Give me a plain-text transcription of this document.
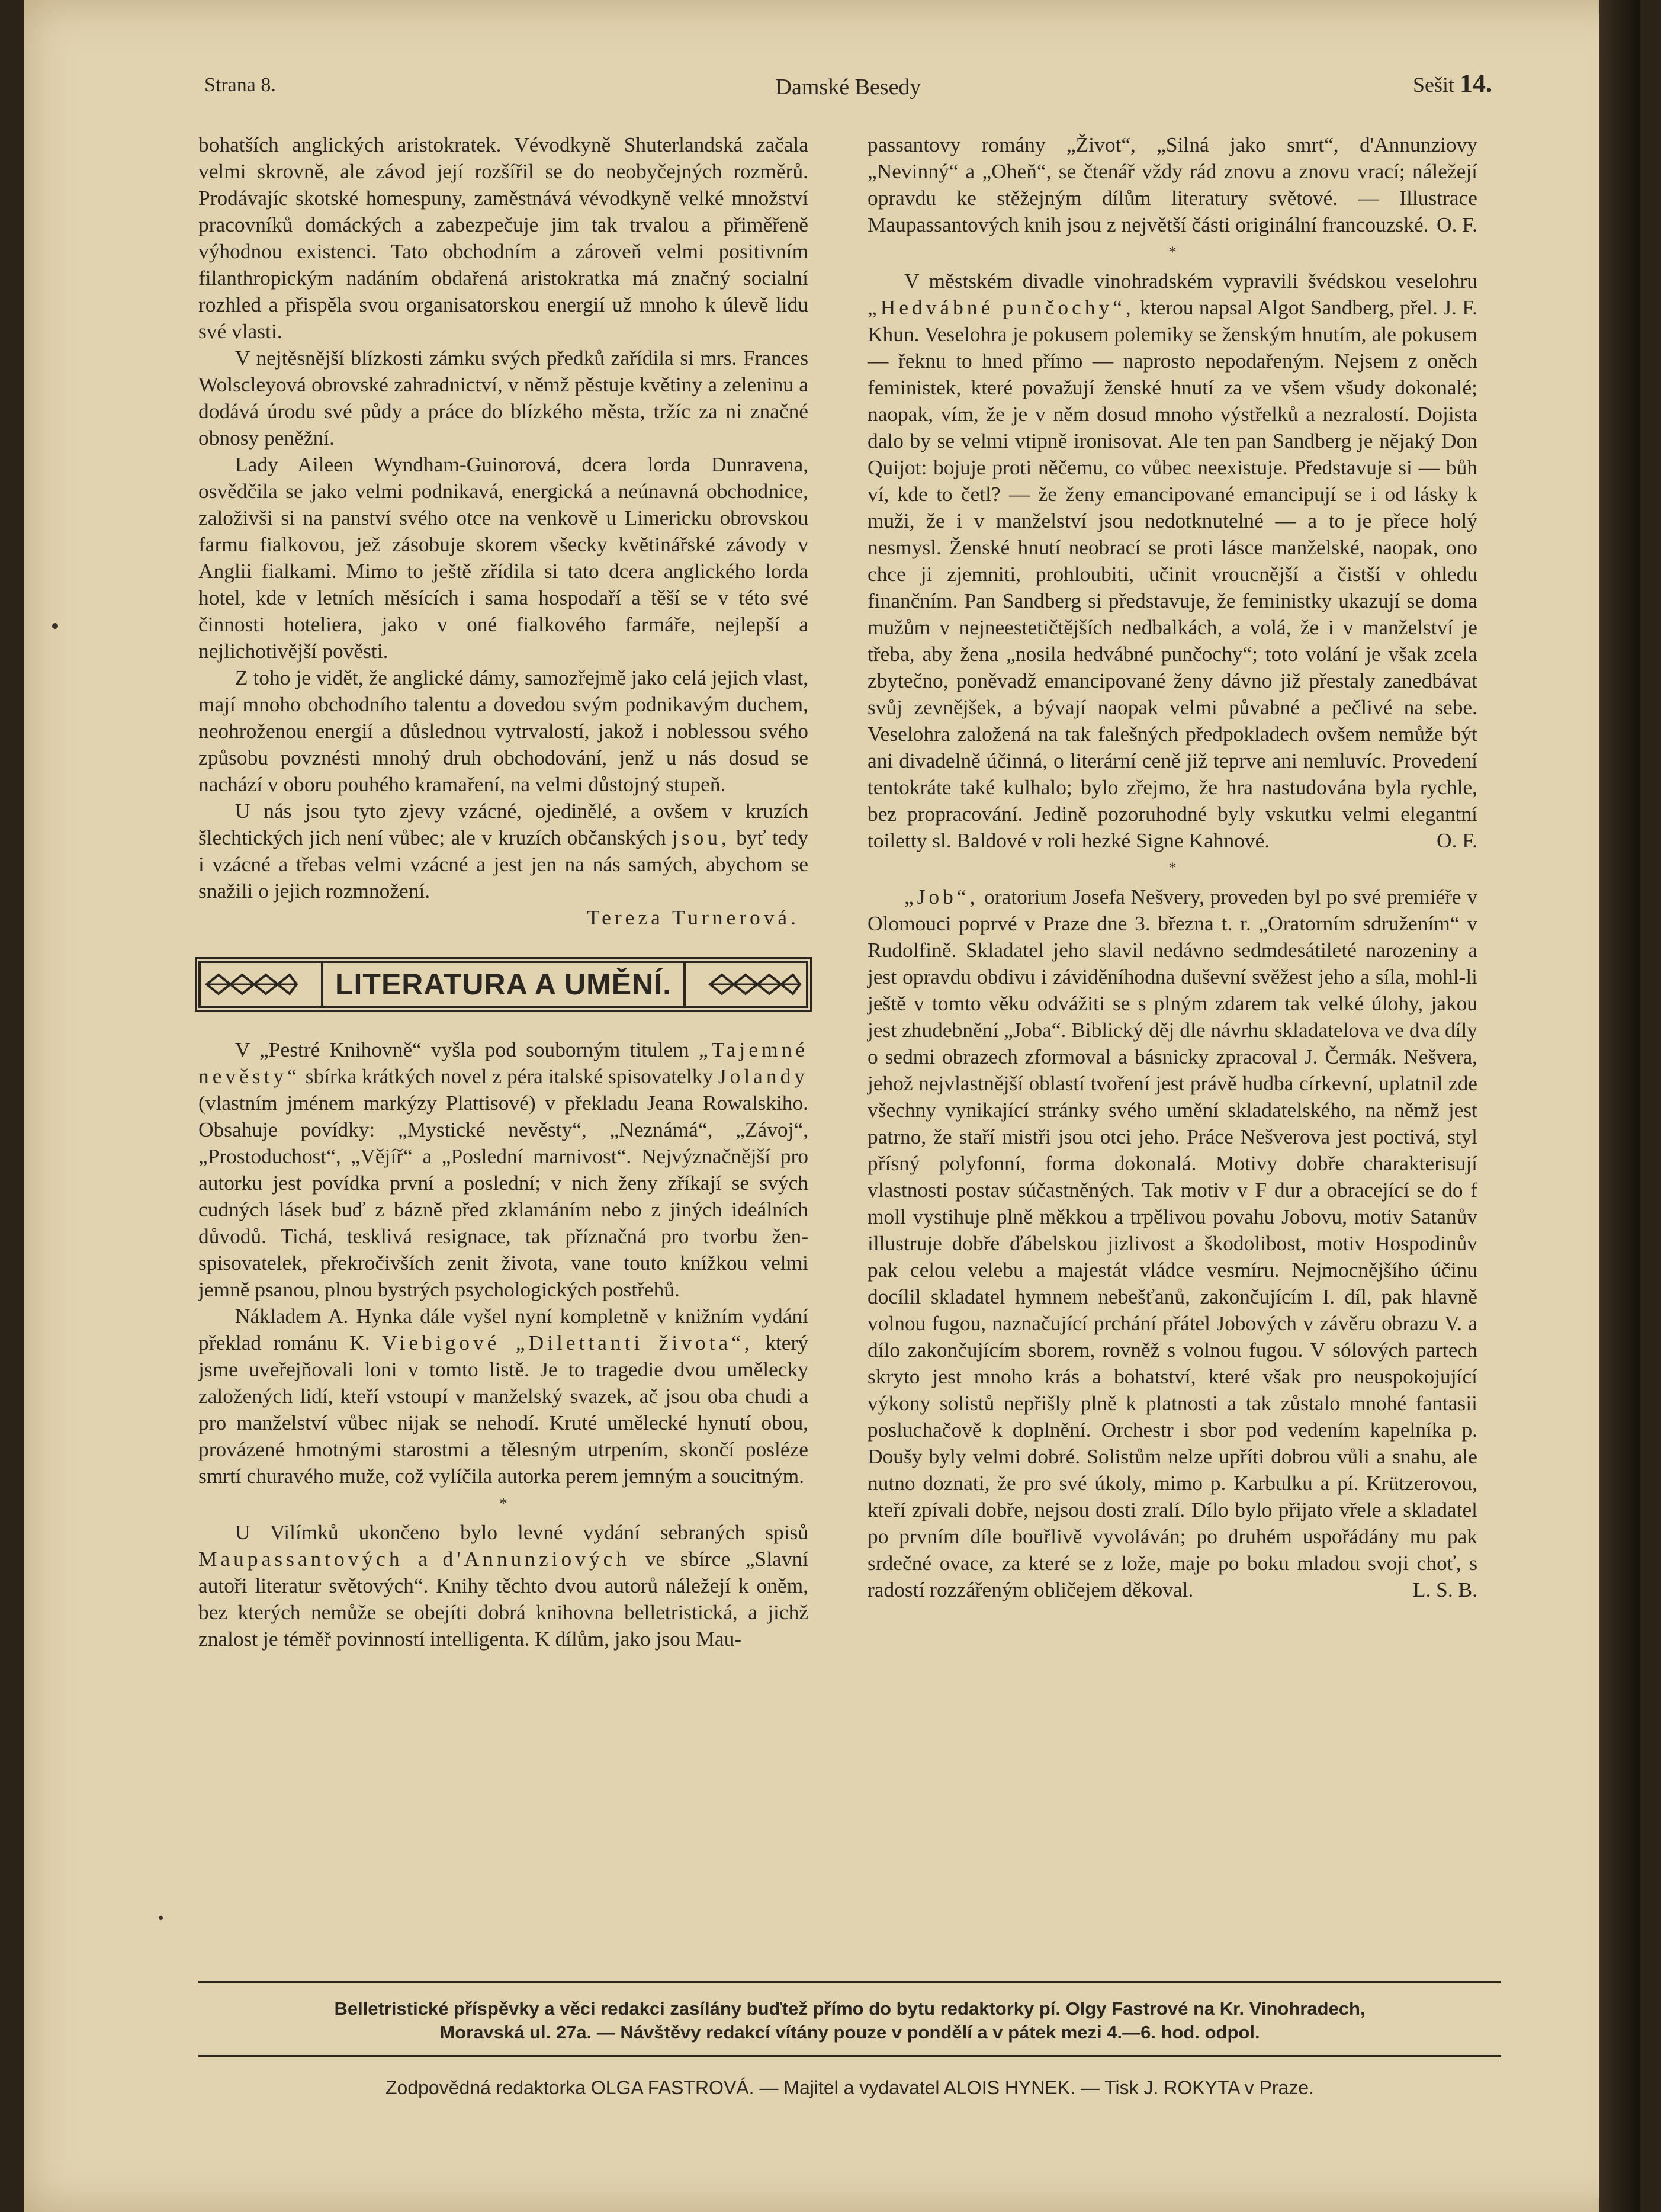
Strana 8.	Damské Besedy	Sešit 14.

bohatších anglických aristokratek. Vévodkyně Shuterlandská začala velmi skrovně, ale závod její rozšířil se do neobyčejných rozměrů. Prodávajíc skotské homespuny, zaměstnává vévodkyně velké množství pracovníků domáckých a zabezpečuje jim tak trvalou a přiměřeně výhodnou existenci. Tato obchodním a zároveň velmi positivním filanthropickým nadáním obdařená aristokratka má značný socialní rozhled a přispěla svou organisatorskou energií už mnoho k úlevě lidu své vlasti.

V nejtěsnější blízkosti zámku svých předků zařídila si mrs. Frances Wolscleyová obrovské zahradnictví, v němž pěstuje květiny a zeleninu a dodává úrodu své půdy a práce do blízkého města, tržíc za ni značné obnosy peněžní.

Lady Aileen Wyndham-Guinorová, dcera lorda Dunravena, osvědčila se jako velmi podnikavá, energická a neúnavná obchodnice, založivši si na panství svého otce na venkově u Limericku obrovskou farmu fialkovou, jež zásobuje skorem všecky květinářské závody v Anglii fialkami. Mimo to ještě zřídila si tato dcera anglického lorda hotel, kde v letních měsících i sama hospodaří a těší se v této své činnosti hoteliera, jako v oné fialkového farmáře, nejlepší a nejlichotivější pověsti.

Z toho je vidět, že anglické dámy, samozřejmě jako celá jejich vlast, mají mnoho obchodního talentu a dovedou svým podnikavým duchem, neohroženou energií a důslednou vytrvalostí, jakož i noblessou svého způsobu povznésti mnohý druh obchodování, jenž u nás dosud se nachází v oboru pouhého kramaření, na velmi důstojný stupeň.

U nás jsou tyto zjevy vzácné, ojedinělé, a ovšem v kruzích šlechtických jich není vůbec; ale v kruzích občanských jsou, byť tedy i vzácné a třebas velmi vzácné a jest jen na nás samých, abychom se snažili o jejich rozmnožení.

Tereza Turnerová.

LITERATURA A UMĚNÍ.

V „Pestré Knihovně“ vyšla pod souborným titulem „Tajemné nevěsty“ sbírka krátkých novel z péra italské spisovatelky Jolandy (vlastním jménem markýzy Plattisové) v překladu Jeana Rowalskiho. Obsahuje povídky: „Mystické nevěsty“, „Neznámá“, „Závoj“, „Prostoduchost“, „Vějíř“ a „Poslední marnivost“. Nejvýznačnější pro autorku jest povídka první a poslední; v nich ženy zříkají se svých cudných lásek buď z bázně před zklamáním nebo z jiných ideálních důvodů. Tichá, tesklivá resignace, tak příznačná pro tvorbu žen-spisovatelek, překročivších zenit života, vane touto knížkou velmi jemně psanou, plnou bystrých psychologických postřehů.

Nákladem A. Hynka dále vyšel nyní kompletně v knižním vydání překlad románu K. Viebigové „Dilettanti života“, který jsme uveřejňovali loni v tomto listě. Je to tragedie dvou umělecky založených lidí, kteří vstoupí v manželský svazek, ač jsou oba chudi a pro manželství vůbec nijak se nehodí. Kruté umělecké hynutí obou, provázené hmotnými starostmi a tělesným utrpením, skončí posléze smrtí churavého muže, což vylíčila autorka perem jemným a soucitným.

*

U Vilímků ukončeno bylo levné vydání sebraných spisů Maupassantových a d'Annunziových ve sbírce „Slavní autoři literatur světových“. Knihy těchto dvou autorů náležejí k oněm, bez kterých nemůže se obejíti dobrá knihovna belletristická, a jichž znalost je téměř povinností intelligenta. K dílům, jako jsou Mau-

passantovy romány „Život“, „Silná jako smrt“, d'Annunziovy „Nevinný“ a „Oheň“, se čtenář vždy rád znovu a znovu vrací; náležejí opravdu ke stěžejným dílům literatury světové. — Illustrace Maupassantových knih jsou z největší části originální francouzské. O. F.

*

V městském divadle vinohradském vypravili švédskou veselohru „Hedvábné punčochy“, kterou napsal Algot Sandberg, přel. J. F. Khun. Veselohra je pokusem polemiky se ženským hnutím, ale pokusem — řeknu to hned přímo — naprosto nepodařeným. Nejsem z oněch feministek, které považují ženské hnutí za ve všem všudy dokonalé; naopak, vím, že je v něm dosud mnoho výstřelků a nezralostí. Dojista dalo by se velmi vtipně ironisovat. Ale ten pan Sandberg je nějaký Don Quijot: bojuje proti něčemu, co vůbec neexistuje. Představuje si — bůh ví, kde to četl? — že ženy emancipované emancipují se i od lásky k muži, že i v manželství jsou nedotknutelné — a to je přece holý nesmysl. Ženské hnutí neobrací se proti lásce manželské, naopak, ono chce ji zjemniti, prohloubiti, učinit vroucnější a čistší v ohledu finančním. Pan Sandberg si představuje, že feministky ukazují se doma mužům v nejneestetičtějších nedbalkách, a volá, že i v manželství je třeba, aby žena „nosila hedvábné punčochy“; toto volání je však zcela zbytečno, poněvadž emancipované ženy dávno již přestaly zanedbávat svůj zevnějšek, a bývají naopak velmi půvabné a pečlivé na sebe. Veselohra založená na tak falešných předpokladech ovšem nemůže být ani divadelně účinná, o literární ceně již teprve ani nemluvíc. Provedení tentokráte také kulhalo; bylo zřejmo, že hra nastudována byla rychle, bez propracování. Jedině pozoruhodné byly vskutku velmi elegantní toiletty sl. Baldové v roli hezké Signe Kahnové.	O. F.

*

„Job“, oratorium Josefa Nešvery, proveden byl po své premiéře v Olomouci poprvé v Praze dne 3. března t. r. „Oratorním sdružením“ v Rudolfině. Skladatel jeho slavil nedávno sedmdesátileté narozeniny a jest opravdu obdivu i záviděníhodna duševní svěžest jeho a síla, mohl-li ještě v tomto věku odvážiti se s plným zdarem tak velké úlohy, jakou jest zhudebnění „Joba“. Biblický děj dle návrhu skladatelova ve dva díly o sedmi obrazech zformoval a básnicky zpracoval J. Čermák. Nešvera, jehož nejvlastnější oblastí tvoření jest právě hudba církevní, uplatnil zde všechny vynikající stránky svého umění skladatelského, na němž jest patrno, že staří mistři jsou otci jeho. Práce Nešverova jest poctivá, styl přísný polyfonní, forma dokonalá. Motivy dobře charakterisují vlastnosti postav súčastněných. Tak motiv v F dur a obracející se do f moll vystihuje plně měkkou a trpělivou povahu Jobovu, motiv Satanův illustruje dobře ďábelskou jizlivost a škodolibost, motiv Hospodinův pak celou velebu a majestát vládce vesmíru. Nejmocnějšího účinu docílil skladatel hymnem nebešťanů, zakončujícím I. díl, pak hlavně volnou fugou, naznačující prchání přátel Jobových v závěru obrazu V. a dílo zakončujícím sborem, rovněž s volnou fugou. V sólových partech skryto jest mnoho krás a bohatství, které však pro neuspokojující výkony solistů nepřišly plně k platnosti a tak zůstalo mnohé fantasii posluchačově k doplnění. Orchestr i sbor pod vedením kapelníka p. Doušy byly velmi dobré. Solistům nelze upříti dobrou vůli a snahu, ale nutno doznati, že pro své úkoly, mimo p. Karbulku a pí. Krützerovou, kteří zpívali dobře, nejsou dosti zralí. Dílo bylo přijato vřele a skladatel po prvním díle bouřlivě vyvoláván; po druhém uspořádány mu pak srdečné ovace, za které se z lože, maje po boku mladou svoji choť, s radostí rozzářeným obličejem děkoval.	L. S. B.

Belletristické příspěvky a věci redakci zasílány buďtež přímo do bytu redaktorky pí. Olgy Fastrové na Kr. Vinohradech,
Moravská ul. 27a. — Návštěvy redakcí vítány pouze v pondělí a v pátek mezi 4.—6. hod. odpol.
Zodpovědná redaktorka OLGA FASTROVÁ. — Majitel a vydavatel ALOIS HYNEK. — Tisk J. ROKYTA v Praze.
